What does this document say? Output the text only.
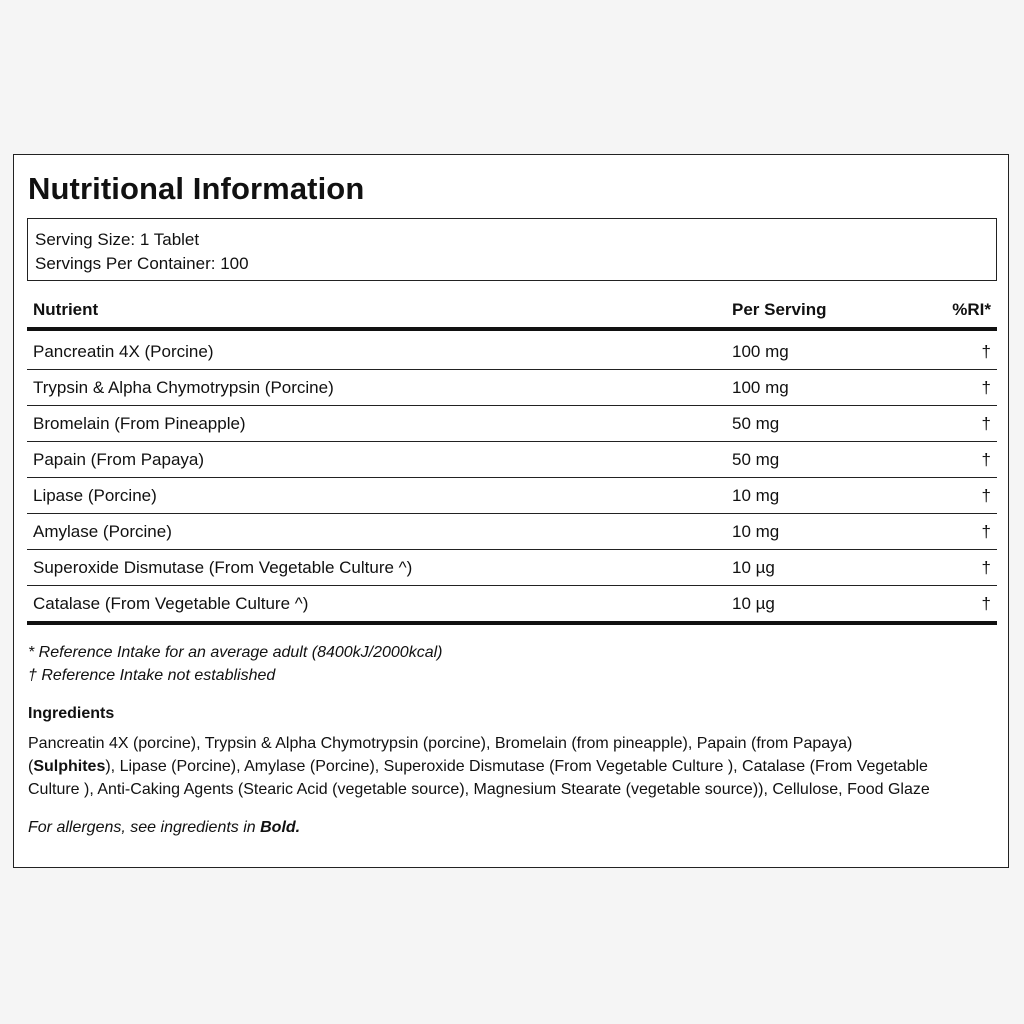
Nutritional Information
Serving Size: 1 Tablet
Servings Per Container: 100
Nutrient	Per Serving	%RI*
Pancreatin 4X (Porcine)	100 mg	†
Trypsin & Alpha Chymotrypsin (Porcine)	100 mg	†
Bromelain (From Pineapple)	50 mg	†
Papain (From Papaya)	50 mg	†
Lipase (Porcine)	10 mg	†
Amylase (Porcine)	10 mg	†
Superoxide Dismutase (From Vegetable Culture ^)	10 µg	†
Catalase (From Vegetable Culture ^)	10 µg	†
* Reference Intake for an average adult (8400kJ/2000kcal)
† Reference Intake not established
Ingredients
Pancreatin 4X (porcine), Trypsin & Alpha Chymotrypsin (porcine), Bromelain (from pineapple), Papain (from Papaya)
(Sulphites), Lipase (Porcine), Amylase (Porcine), Superoxide Dismutase (From Vegetable Culture ), Catalase (From Vegetable
Culture ), Anti-Caking Agents (Stearic Acid (vegetable source), Magnesium Stearate (vegetable source)), Cellulose, Food Glaze
For allergens, see ingredients in Bold.
